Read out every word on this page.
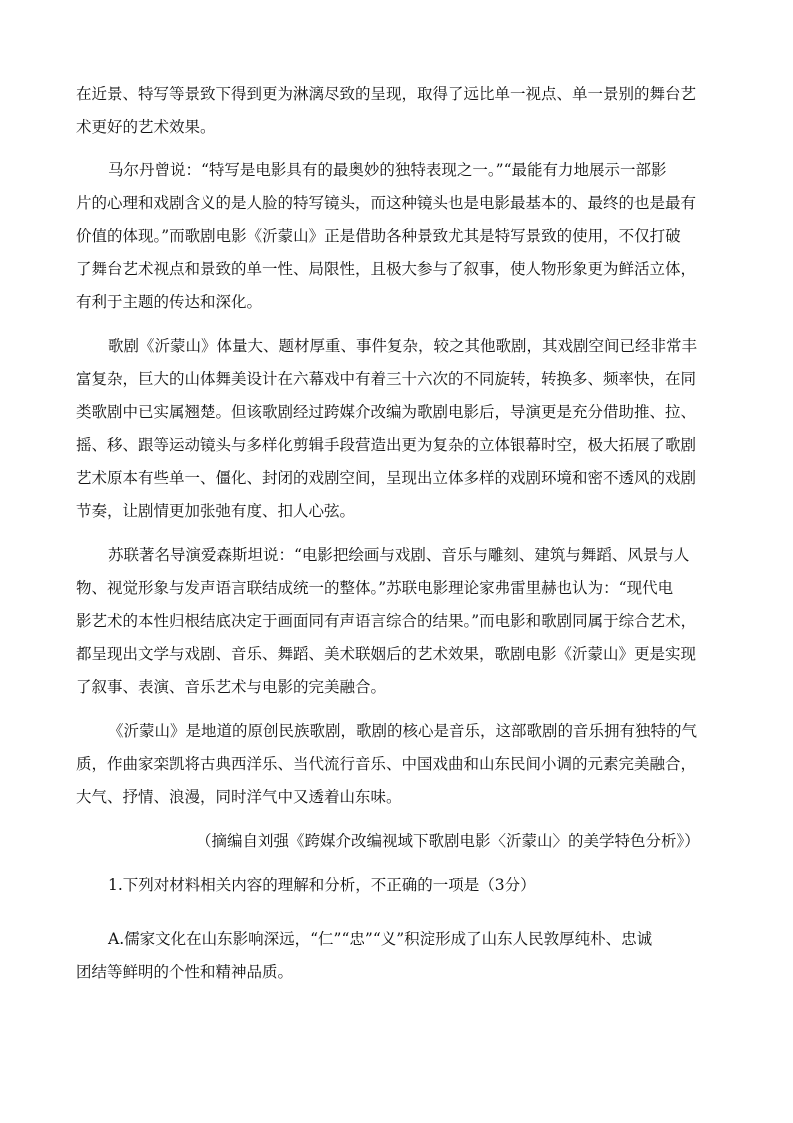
在近景、特写等景致下得到更为淋漓尽致的呈现，取得了远比单一视点、单一景别的舞台艺
术更好的艺术效果。
马尔丹曾说：“特写是电影具有的最奥妙的独特表现之一。”“最能有力地展示一部影
片的心理和戏剧含义的是人脸的特写镜头，而这种镜头也是电影最基本的、最终的也是最有
价值的体现。”而歌剧电影《沂蒙山》正是借助各种景致尤其是特写景致的使用，不仅打破
了舞台艺术视点和景致的单一性、局限性，且极大参与了叙事，使人物形象更为鲜活立体，
有利于主题的传达和深化。
歌剧《沂蒙山》体量大、题材厚重、事件复杂，较之其他歌剧，其戏剧空间已经非常丰
富复杂，巨大的山体舞美设计在六幕戏中有着三十六次的不同旋转，转换多、频率快，在同
类歌剧中已实属翘楚。但该歌剧经过跨媒介改编为歌剧电影后，导演更是充分借助推、拉、
摇、移、跟等运动镜头与多样化剪辑手段营造出更为复杂的立体银幕时空，极大拓展了歌剧
艺术原本有些单一、僵化、封闭的戏剧空间，呈现出立体多样的戏剧环境和密不透风的戏剧
节奏，让剧情更加张弛有度、扣人心弦。
苏联著名导演爱森斯坦说：“电影把绘画与戏剧、音乐与雕刻、建筑与舞蹈、风景与人
物、视觉形象与发声语言联结成统一的整体。”苏联电影理论家弗雷里赫也认为：“现代电
影艺术的本性归根结底决定于画面同有声语言综合的结果。”而电影和歌剧同属于综合艺术，
都呈现出文学与戏剧、音乐、舞蹈、美术联姻后的艺术效果，歌剧电影《沂蒙山》更是实现
了叙事、表演、音乐艺术与电影的完美融合。
《沂蒙山》是地道的原创民族歌剧，歌剧的核心是音乐，这部歌剧的音乐拥有独特的气
质，作曲家栾凯将古典西洋乐、当代流行音乐、中国戏曲和山东民间小调的元素完美融合，
大气、抒情、浪漫，同时洋气中又透着山东味。
（摘编自刘强《跨媒介改编视域下歌剧电影〈沂蒙山〉的美学特色分析》）
1.下列对材料相关内容的理解和分析，不正确的一项是（3分）
A.儒家文化在山东影响深远，“仁”“忠”“义”积淀形成了山东人民敦厚纯朴、忠诚
团结等鲜明的个性和精神品质。
